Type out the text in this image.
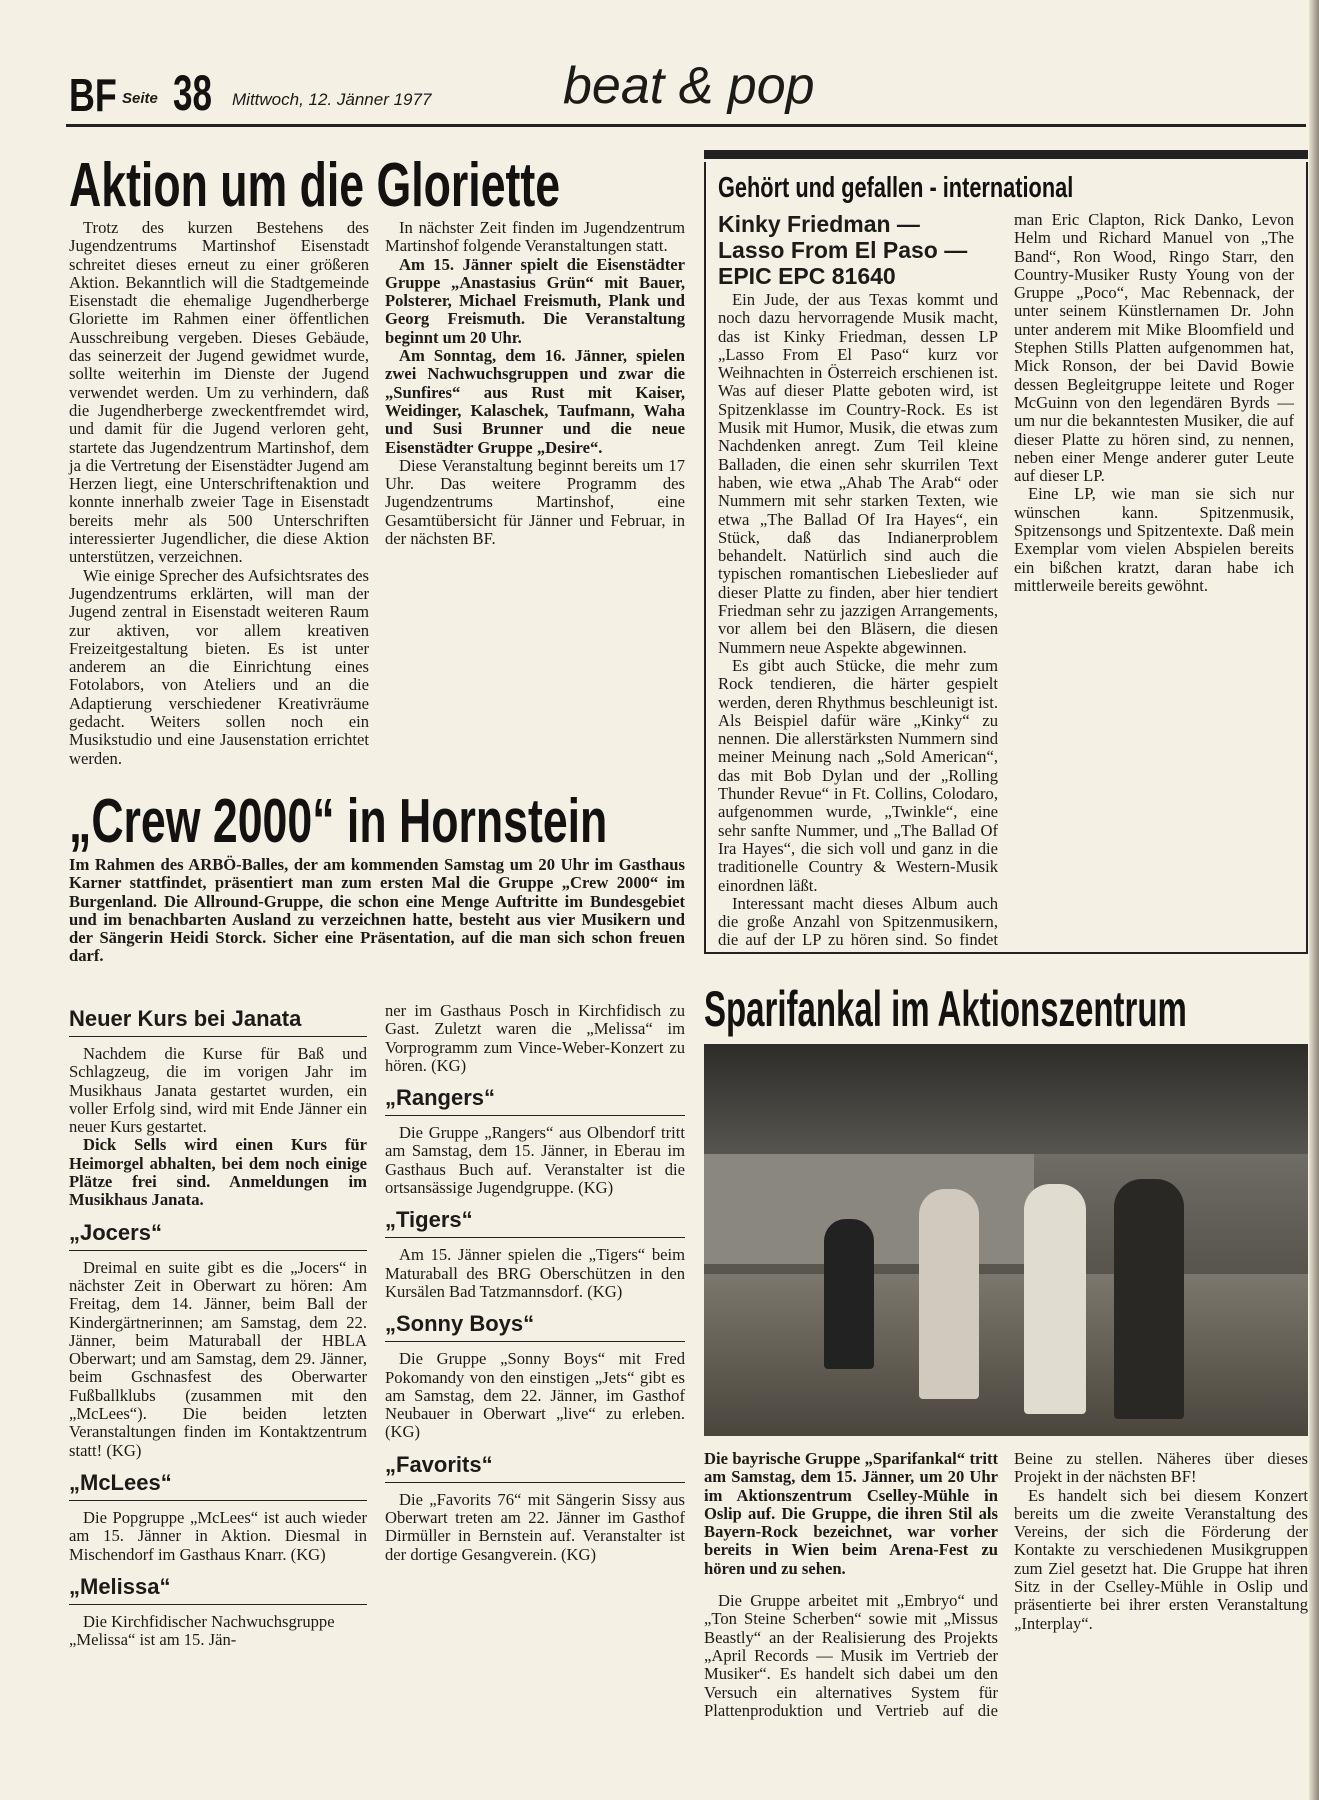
BF Seite 38 Mittwoch, 12. Jänner 1977	beat & pop
Aktion um die Gloriette

Trotz des kurzen Bestehens des Jugendzentrums Martinshof Eisenstadt schreitet dieses erneut zu einer größeren Aktion. Bekanntlich will die Stadtgemeinde Eisenstadt die ehemalige Jugendherberge Gloriette im Rahmen einer öffentlichen Ausschreibung vergeben. Dieses Gebäude, das seinerzeit der Jugend gewidmet wurde, sollte weiterhin im Dienste der Jugend verwendet werden. Um zu verhindern, daß die Jugendherberge zweckentfremdet wird, und damit für die Jugend verloren geht, startete das Jugendzentrum Martinshof, dem ja die Vertretung der Eisenstädter Jugend am Herzen liegt, eine Unterschriftenaktion und konnte innerhalb zweier Tage in Eisenstadt bereits mehr als 500 Unterschriften interessierter Jugendlicher, die diese Aktion unterstützen, verzeichnen.

Wie einige Sprecher des Aufsichtsrates des Jugendzentrums erklärten, will man der Jugend zentral in Eisenstadt weiteren Raum zur aktiven, vor allem kreativen Freizeitgestaltung bieten. Es ist unter anderem an die Einrichtung eines Fotolabors, von Ateliers und an die Adaptierung verschiedener Kreativräume gedacht. Weiters sollen noch ein Musikstudio und eine Jausenstation errichtet werden.

In nächster Zeit finden im Jugendzentrum Martinshof folgende Veranstaltungen statt.

Am 15. Jänner spielt die Eisenstädter Gruppe „Anastasius Grün“ mit Bauer, Polsterer, Michael Freismuth, Plank und Georg Freismuth. Die Veranstaltung beginnt um 20 Uhr.

Am Sonntag, dem 16. Jänner, spielen zwei Nachwuchsgruppen und zwar die „Sunfires“ aus Rust mit Kaiser, Weidinger, Kalaschek, Taufmann, Waha und Susi Brunner und die neue Eisenstädter Gruppe „Desire“.

Diese Veranstaltung beginnt bereits um 17 Uhr. Das weitere Programm des Jugendzentrums Martinshof, eine Gesamtübersicht für Jänner und Februar, in der nächsten BF.

„Crew 2000“ in Hornstein

Im Rahmen des ARBÖ-Balles, der am kommenden Samstag um 20 Uhr im Gasthaus Karner stattfindet, präsentiert man zum ersten Mal die Gruppe „Crew 2000“ im Burgenland. Die Allround-Gruppe, die schon eine Menge Auftritte im Bundesgebiet und im benachbarten Ausland zu verzeichnen hatte, besteht aus vier Musikern und der Sängerin Heidi Storck. Sicher eine Präsentation, auf die man sich schon freuen darf.

Gehört und gefallen - international
Kinky Friedman —
Lasso From El Paso —
EPIC EPC 81640

Ein Jude, der aus Texas kommt und noch dazu hervorragende Musik macht, das ist Kinky Friedman, dessen LP „Lasso From El Paso“ kurz vor Weihnachten in Österreich erschienen ist. Was auf dieser Platte geboten wird, ist Spitzenklasse im Country-Rock. Es ist Musik mit Humor, Musik, die etwas zum Nachdenken anregt. Zum Teil kleine Balladen, die einen sehr skurrilen Text haben, wie etwa „Ahab The Arab“ oder Nummern mit sehr starken Texten, wie etwa „The Ballad Of Ira Hayes“, ein Stück, daß das Indianerproblem behandelt. Natürlich sind auch die typischen romantischen Liebeslieder auf dieser Platte zu finden, aber hier tendiert Friedman sehr zu jazzigen Arrangements, vor allem bei den Bläsern, die diesen Nummern neue Aspekte abgewinnen.

Es gibt auch Stücke, die mehr zum Rock tendieren, die härter gespielt werden, deren Rhythmus beschleunigt ist. Als Beispiel dafür wäre „Kinky“ zu nennen. Die allerstärksten Nummern sind meiner Meinung nach „Sold American“, das mit Bob Dylan und der „Rolling Thunder Revue“ in Ft. Collins, Colodaro, aufgenommen wurde, „Twinkle“, eine sehr sanfte Nummer, und „The Ballad Of Ira Hayes“, die sich voll und ganz in die traditionelle Country & Western-Musik einordnen läßt.

Interessant macht dieses Album auch die große Anzahl von Spitzenmusikern, die auf der LP zu hören sind. So findet man Eric Clapton, Rick Danko, Levon Helm und Richard Manuel von „The Band“, Ron Wood, Ringo Starr, den Country-Musiker Rusty Young von der Gruppe „Poco“, Mac Rebennack, der unter seinem Künstlernamen Dr. John unter anderem mit Mike Bloomfield und Stephen Stills Platten aufgenommen hat, Mick Ronson, der bei David Bowie dessen Begleitgruppe leitete und Roger McGuinn von den legendären Byrds — um nur die bekanntesten Musiker, die auf dieser Platte zu hören sind, zu nennen, neben einer Menge anderer guter Leute auf dieser LP.

Eine LP, wie man sie sich nur wünschen kann. Spitzenmusik, Spitzensongs und Spitzentexte. Daß mein Exemplar vom vielen Abspielen bereits ein bißchen kratzt, daran habe ich mittlerweile bereits gewöhnt.

Neuer Kurs bei Janata

Nachdem die Kurse für Baß und Schlagzeug, die im vorigen Jahr im Musikhaus Janata gestartet wurden, ein voller Erfolg sind, wird mit Ende Jänner ein neuer Kurs gestartet.

Dick Sells wird einen Kurs für Heimorgel abhalten, bei dem noch einige Plätze frei sind. Anmeldungen im Musikhaus Janata.

„Jocers“

Dreimal en suite gibt es die „Jocers“ in nächster Zeit in Oberwart zu hören: Am Freitag, dem 14. Jänner, beim Ball der Kindergärtnerinnen; am Samstag, dem 22. Jänner, beim Maturaball der HBLA Oberwart; und am Samstag, dem 29. Jänner, beim Gschnasfest des Oberwarter Fußballklubs (zusammen mit den „McLees“). Die beiden letzten Veranstaltungen finden im Kontaktzentrum statt! (KG)

„McLees“

Die Popgruppe „McLees“ ist auch wieder am 15. Jänner in Aktion. Diesmal in Mischendorf im Gasthaus Knarr. (KG)

„Melissa“

Die Kirchfidischer Nachwuchsgruppe „Melissa“ ist am 15. Jän-

ner im Gasthaus Posch in Kirchfidisch zu Gast. Zuletzt waren die „Melissa“ im Vorprogramm zum Vince-Weber-Konzert zu hören. (KG)

„Rangers“

Die Gruppe „Rangers“ aus Olbendorf tritt am Samstag, dem 15. Jänner, in Eberau im Gasthaus Buch auf. Veranstalter ist die ortsansässige Jugendgruppe. (KG)

„Tigers“

Am 15. Jänner spielen die „Tigers“ beim Maturaball des BRG Oberschützen in den Kursälen Bad Tatzmannsdorf. (KG)

„Sonny Boys“

Die Gruppe „Sonny Boys“ mit Fred Pokomandy von den einstigen „Jets“ gibt es am Samstag, dem 22. Jänner, im Gasthof Neubauer in Oberwart „live“ zu erleben. (KG)

„Favorits“

Die „Favorits 76“ mit Sängerin Sissy aus Oberwart treten am 22. Jänner im Gasthof Dirmüller in Bernstein auf. Veranstalter ist der dortige Gesangverein. (KG)

Sparifankal im Aktionszentrum

Die bayrische Gruppe „Sparifankal“ tritt am Samstag, dem 15. Jänner, um 20 Uhr im Aktionszentrum Cselley-Mühle in Oslip auf. Die Gruppe, die ihren Stil als Bayern-Rock bezeichnet, war vorher bereits in Wien beim Arena-Fest zu hören und zu sehen.

Die Gruppe arbeitet mit „Embryo“ und „Ton Steine Scherben“ sowie mit „Missus Beastly“ an der Realisierung des Projekts „April Records — Musik im Vertrieb der Musiker“. Es handelt sich dabei um den Versuch ein alternatives System für Plattenproduktion und Vertrieb auf die Beine zu stellen. Näheres über dieses Projekt in der nächsten BF!

Es handelt sich bei diesem Konzert bereits um die zweite Veranstaltung des Vereins, der sich die Förderung der Kontakte zu verschiedenen Musikgruppen zum Ziel gesetzt hat. Die Gruppe hat ihren Sitz in der Cselley-Mühle in Oslip und präsentierte bei ihrer ersten Veranstaltung „Interplay“.
